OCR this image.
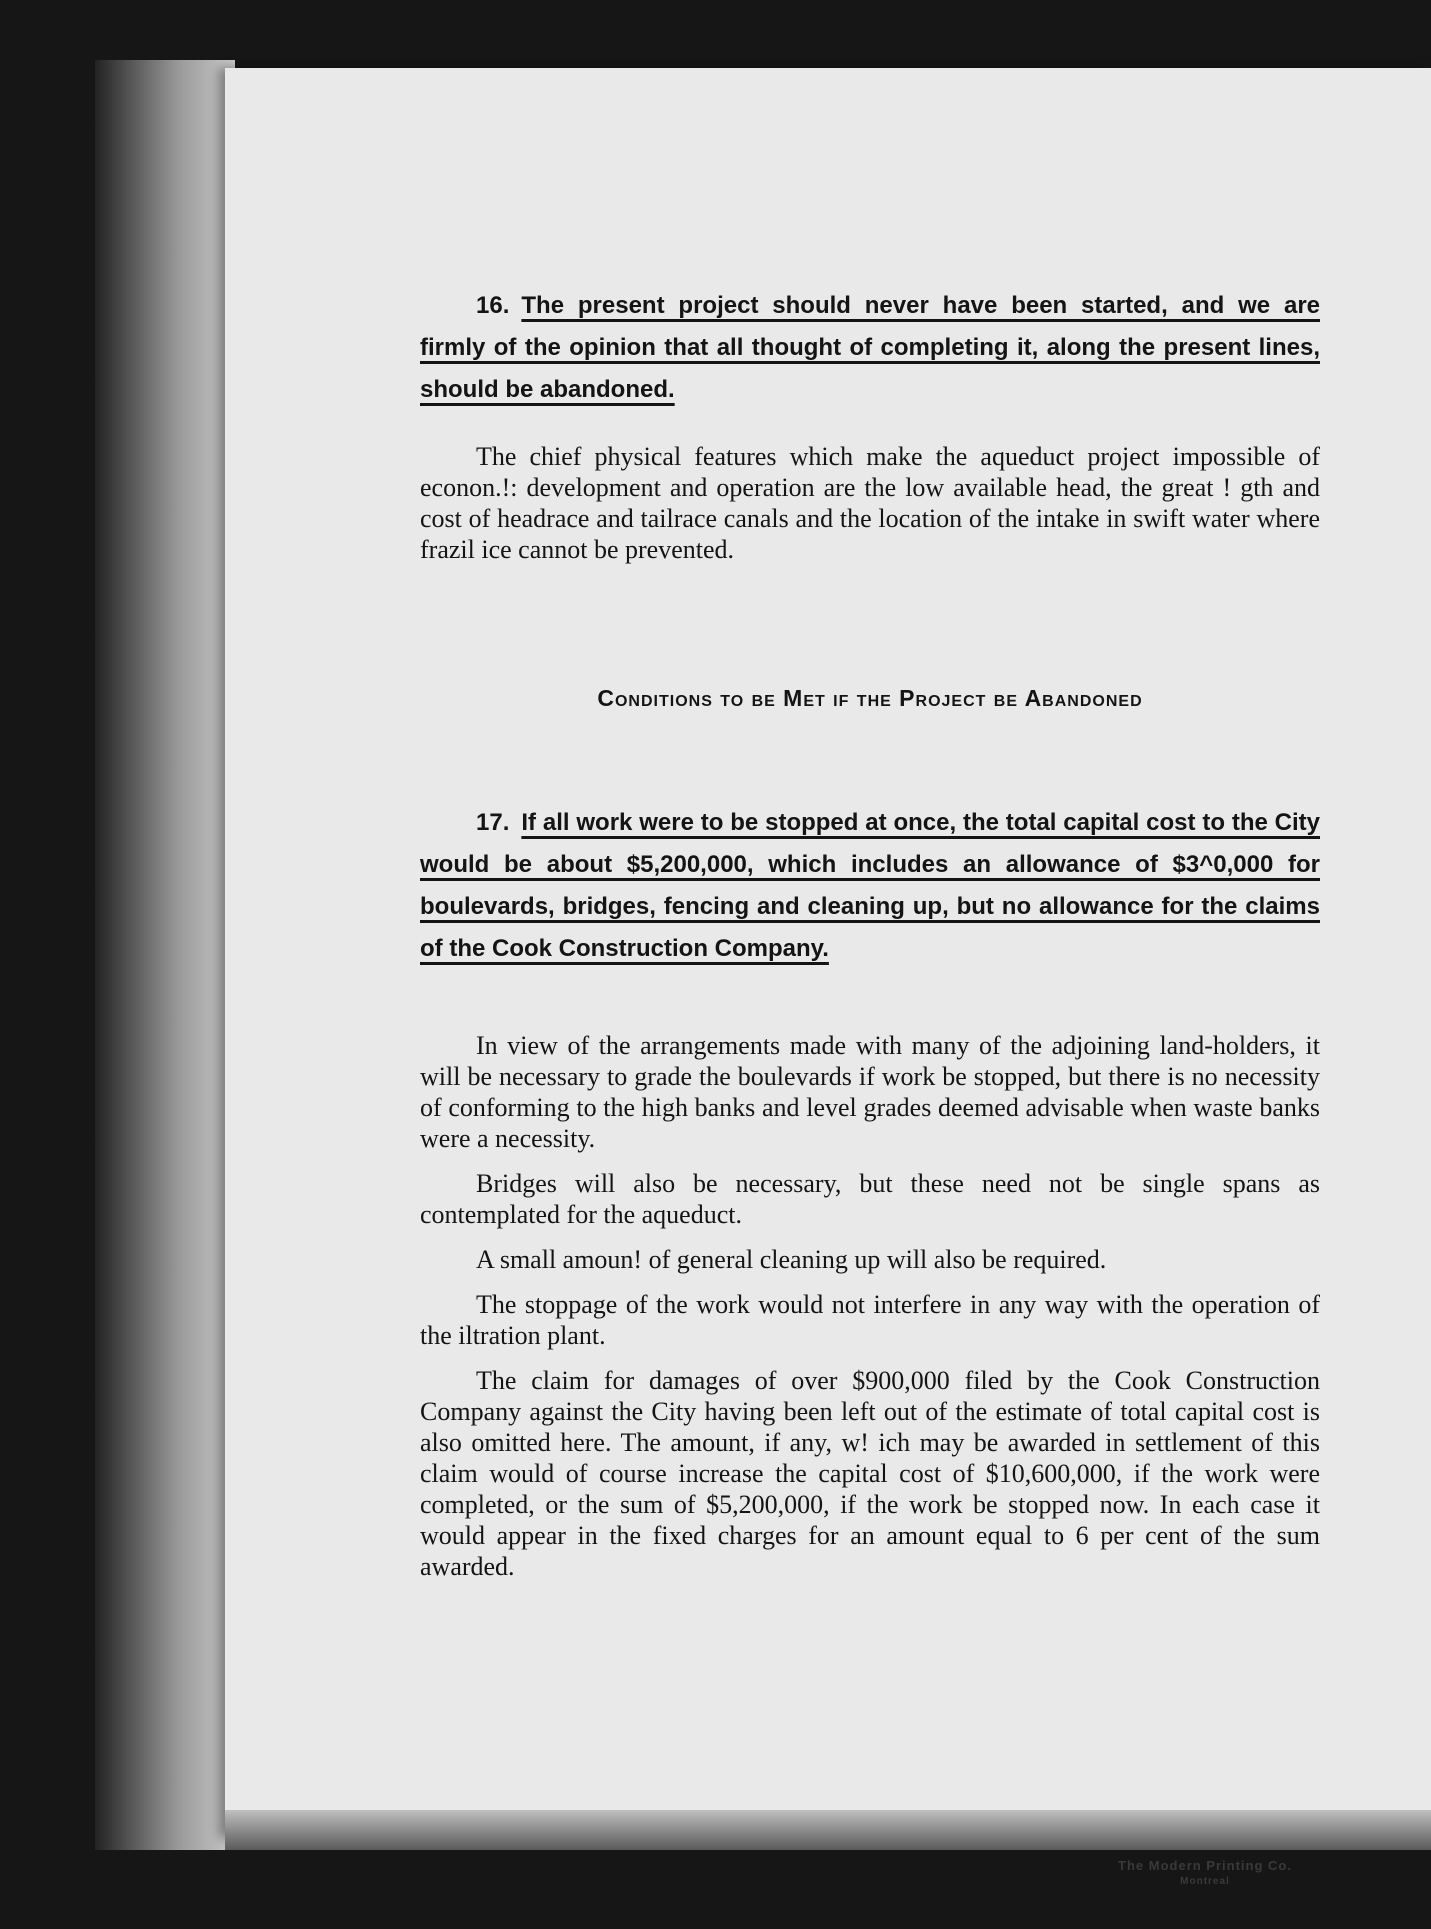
16. The present project should never have been started, and we are firmly of the opinion that all thought of completing it, along the present lines, should be abandoned.

The chief physical features which make the aqueduct project impossible of econon.!: development and operation are the low available head, the great ! gth and cost of headrace and tailrace canals and the location of the intake in swift water where frazil ice cannot be prevented.

Conditions to be Met if the Project be Abandoned

17. If all work were to be stopped at once, the total capital cost to the City would be about $5,200,000, which includes an allowance of $3^0,000 for boulevards, bridges, fencing and cleaning up, but no allowance for the claims of the Cook Construction Company.

In view of the arrangements made with many of the adjoining land-holders, it will be necessary to grade the boulevards if work be stopped, but there is no necessity of conforming to the high banks and level grades deemed advisable when waste banks were a necessity.

Bridges will also be necessary, but these need not be single spans as contemplated for the aqueduct.

A small amoun! of general cleaning up will also be required.

The stoppage of the work would not interfere in any way with the operation of the iltration plant.

The claim for damages of over $900,000 filed by the Cook Construction Company against the City having been left out of the estimate of total capital cost is also omitted here. The amount, if any, w! ich may be awarded in settlement of this claim would of course increase the capital cost of $10,600,000, if the work were completed, or the sum of $5,200,000, if the work be stopped now. In each case it would appear in the fixed charges for an amount equal to 6 per cent of the sum awarded.

The Modern Printing Co.
Montreal
